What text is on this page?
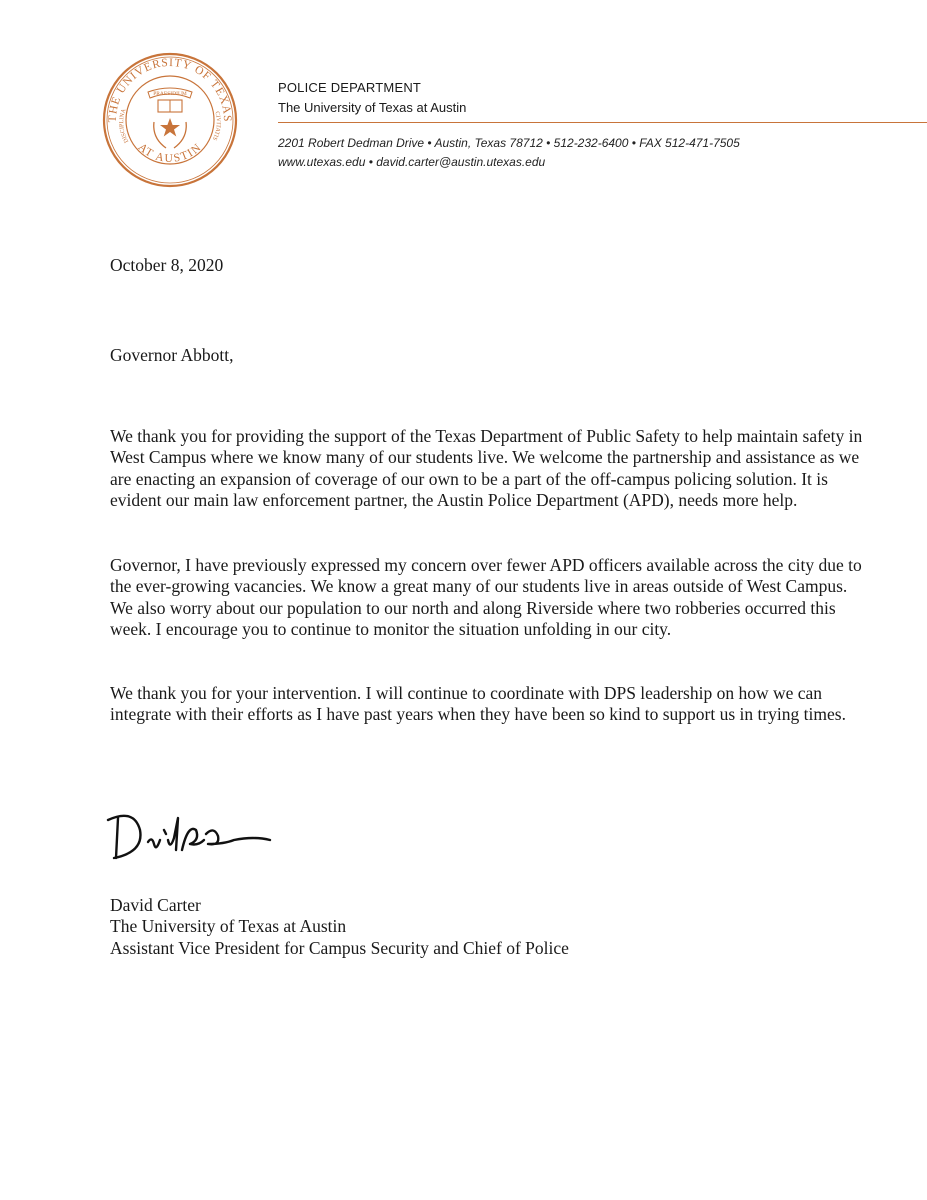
THE UNIVERSITY OF TEXAS
AT AUSTIN
DISCIPLINA	CIVITATIS
PRAESIDIUM	POLICE DEPARTMENT
The University of Texas at Austin
2201 Robert Dedman Drive • Austin, Texas 78712 • 512-232-6400 • FAX 512-471-7505
www.utexas.edu • david.carter@austin.utexas.edu
October 8, 2020
Governor Abbott,
We thank you for providing the support of the Texas Department of Public Safety to help maintain safety in West Campus where we know many of our students live. We welcome the partnership and assistance as we are enacting an expansion of coverage of our own to be a part of the off-campus policing solution. It is evident our main law enforcement partner, the Austin Police Department (APD), needs more help.
Governor, I have previously expressed my concern over fewer APD officers available across the city due to the ever-growing vacancies. We know a great many of our students live in areas outside of West Campus. We also worry about our population to our north and along Riverside where two robberies occurred this week. I encourage you to continue to monitor the situation unfolding in our city.
We thank you for your intervention. I will continue to coordinate with DPS leadership on how we can integrate with their efforts as I have past years when they have been so kind to support us in trying times.
David Carter
The University of Texas at Austin
Assistant Vice President for Campus Security and Chief of Police
